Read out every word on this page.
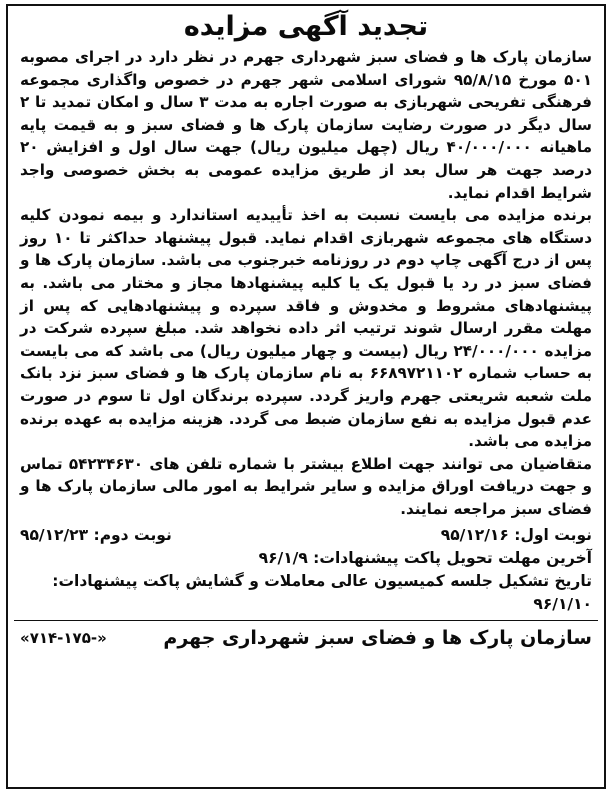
تجدید آگهی مزایده
سازمان پارک ها و فضای سبز شهرداری جهرم در نظر دارد در اجرای مصوبه ۵۰۱ مورخ ۹۵/۸/۱۵ شورای اسلامی شهر جهرم در خصوص واگذاری مجموعه فرهنگی تفریحی شهربازی به صورت اجاره به مدت ۳ سال و امکان تمدید تا ۲ سال دیگر در صورت رضایت سازمان پارک ها و فضای سبز و به قیمت پایه ماهیانه ۴۰/۰۰۰/۰۰۰ ریال (چهل میلیون ریال) جهت سال اول و افزایش ۲۰ درصد جهت هر سال بعد از طریق مزایده عمومی به بخش خصوصی واجد شرایط اقدام نماید.
برنده مزایده می بایست نسبت به اخذ تأییدیه استاندارد و بیمه نمودن کلیه دستگاه های مجموعه شهربازی اقدام نماید. قبول پیشنهاد حداکثر تا ۱۰ روز پس از درج آگهی چاپ دوم در روزنامه خبرجنوب می باشد. سازمان پارک ها و فضای سبز در رد یا قبول یک یا کلیه پیشنهادها مجاز و مختار می باشد. به پیشنهادهای مشروط و مخدوش و فاقد سپرده و پیشنهادهایی که پس از مهلت مقرر ارسال شوند ترتیب اثر داده نخواهد شد. مبلغ سپرده شرکت در مزایده ۲۴/۰۰۰/۰۰۰ ریال (بیست و چهار میلیون ریال) می باشد که می بایست به حساب شماره ۶۶۸۹۷۲۱۱۰۲ به نام سازمان پارک ها و فضای سبز نزد بانک ملت شعبه شریعتی جهرم واریز گردد. سپرده برندگان اول تا سوم در صورت عدم قبول مزایده به نفع سازمان ضبط می گردد. هزینه مزایده به عهده برنده مزایده می باشد.
متقاضیان می توانند جهت اطلاع بیشتر با شماره تلفن های ۵۴۲۳۴۶۳۰ تماس و جهت دریافت اوراق مزایده و سایر شرایط به امور مالی سازمان پارک ها و فضای سبز مراجعه نمایند.
نوبت اول: ۹۵/۱۲/۱۶
نوبت دوم: ۹۵/۱۲/۲۳
آخرین مهلت تحویل پاکت پیشنهادات: ۹۶/۱/۹
تاریخ تشکیل جلسه کمیسیون عالی معاملات و گشایش پاکت پیشنهادات: ۹۶/۱/۱۰
سازمان پارک ها و فضای سبز شهرداری جهرم
«۷۱۴-۱۷۵-»
